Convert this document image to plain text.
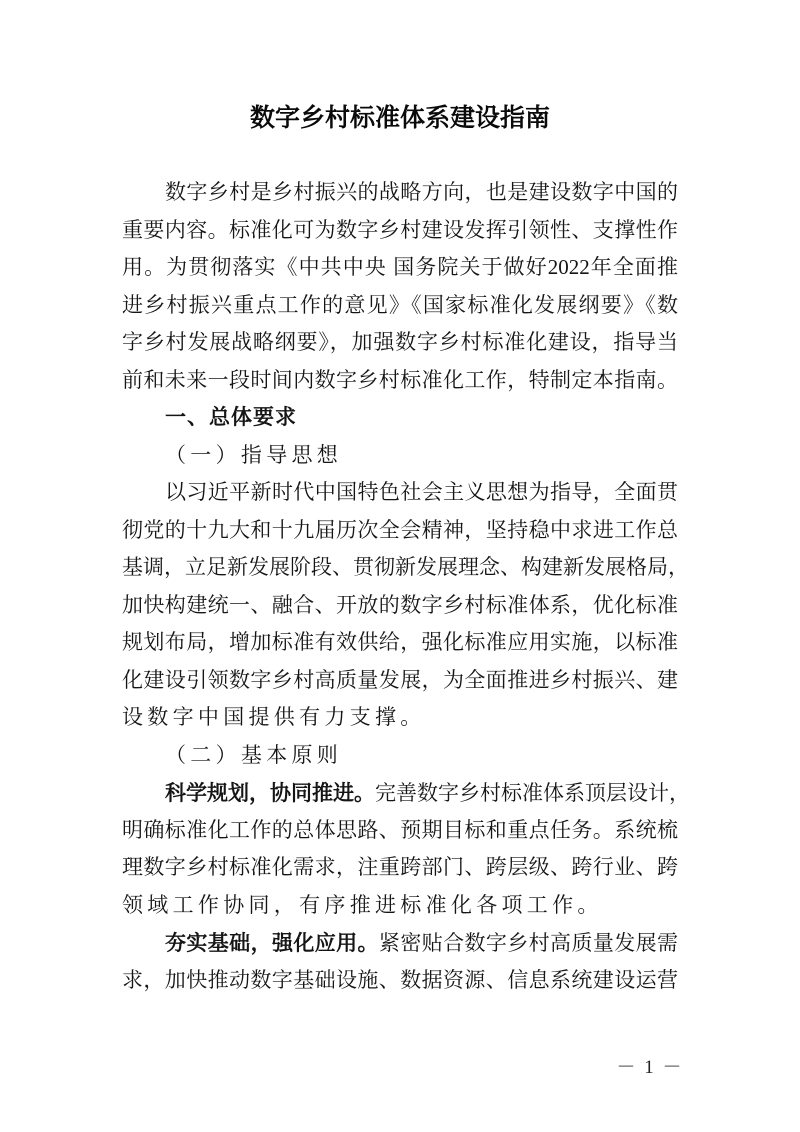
数字乡村标准体系建设指南
数字乡村是乡村振兴的战略方向，也是建设数字中国的
重要内容。标准化可为数字乡村建设发挥引领性、支撑性作
用。为贯彻落实《中共中央 国务院关于做好2022年全面推
进乡村振兴重点工作的意见》《国家标准化发展纲要》《数
字乡村发展战略纲要》，加强数字乡村标准化建设，指导当
前和未来一段时间内数字乡村标准化工作，特制定本指南。
一、总体要求
（一）指导思想
以习近平新时代中国特色社会主义思想为指导，全面贯
彻党的十九大和十九届历次全会精神，坚持稳中求进工作总
基调，立足新发展阶段、贯彻新发展理念、构建新发展格局，
加快构建统一、融合、开放的数字乡村标准体系，优化标准
规划布局，增加标准有效供给，强化标准应用实施，以标准
化建设引领数字乡村高质量发展，为全面推进乡村振兴、建
设数字中国提供有力支撑。
（二）基本原则
科学规划，协同推进。完善数字乡村标准体系顶层设计，
明确标准化工作的总体思路、预期目标和重点任务。系统梳
理数字乡村标准化需求，注重跨部门、跨层级、跨行业、跨
领域工作协同，有序推进标准化各项工作。
夯实基础，强化应用。紧密贴合数字乡村高质量发展需
求，加快推动数字基础设施、数据资源、信息系统建设运营
－ 1 －
